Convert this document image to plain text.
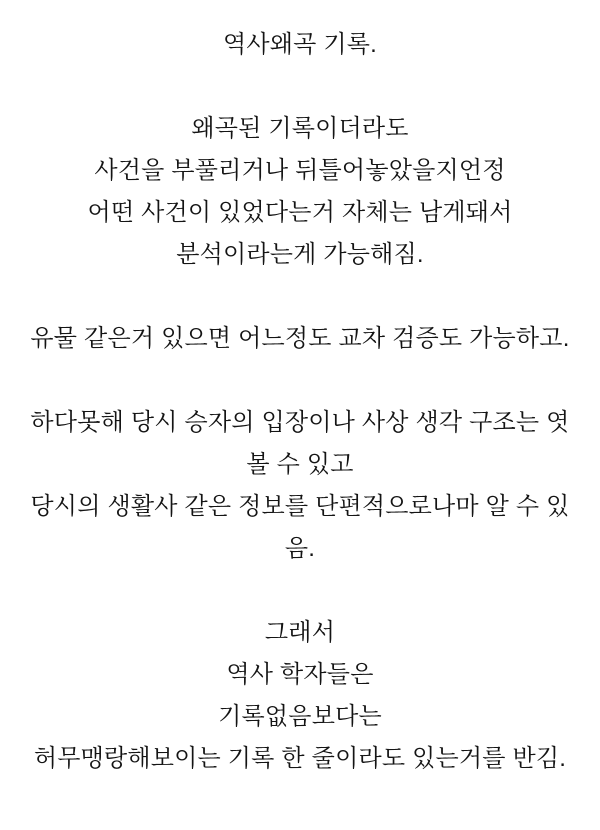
역사왜곡 기록.
왜곡된 기록이더라도
사건을 부풀리거나 뒤틀어놓았을지언정
어떤 사건이 있었다는거 자체는 남게돼서
분석이라는게 가능해짐.
유물 같은거 있으면 어느정도 교차 검증도 가능하고.
하다못해 당시 승자의 입장이나 사상 생각 구조는 엿
볼 수 있고
당시의 생활사 같은 정보를 단편적으로나마 알 수 있
음.
그래서
역사 학자들은
기록없음보다는
허무맹랑해보이는 기록 한 줄이라도 있는거를 반김.
